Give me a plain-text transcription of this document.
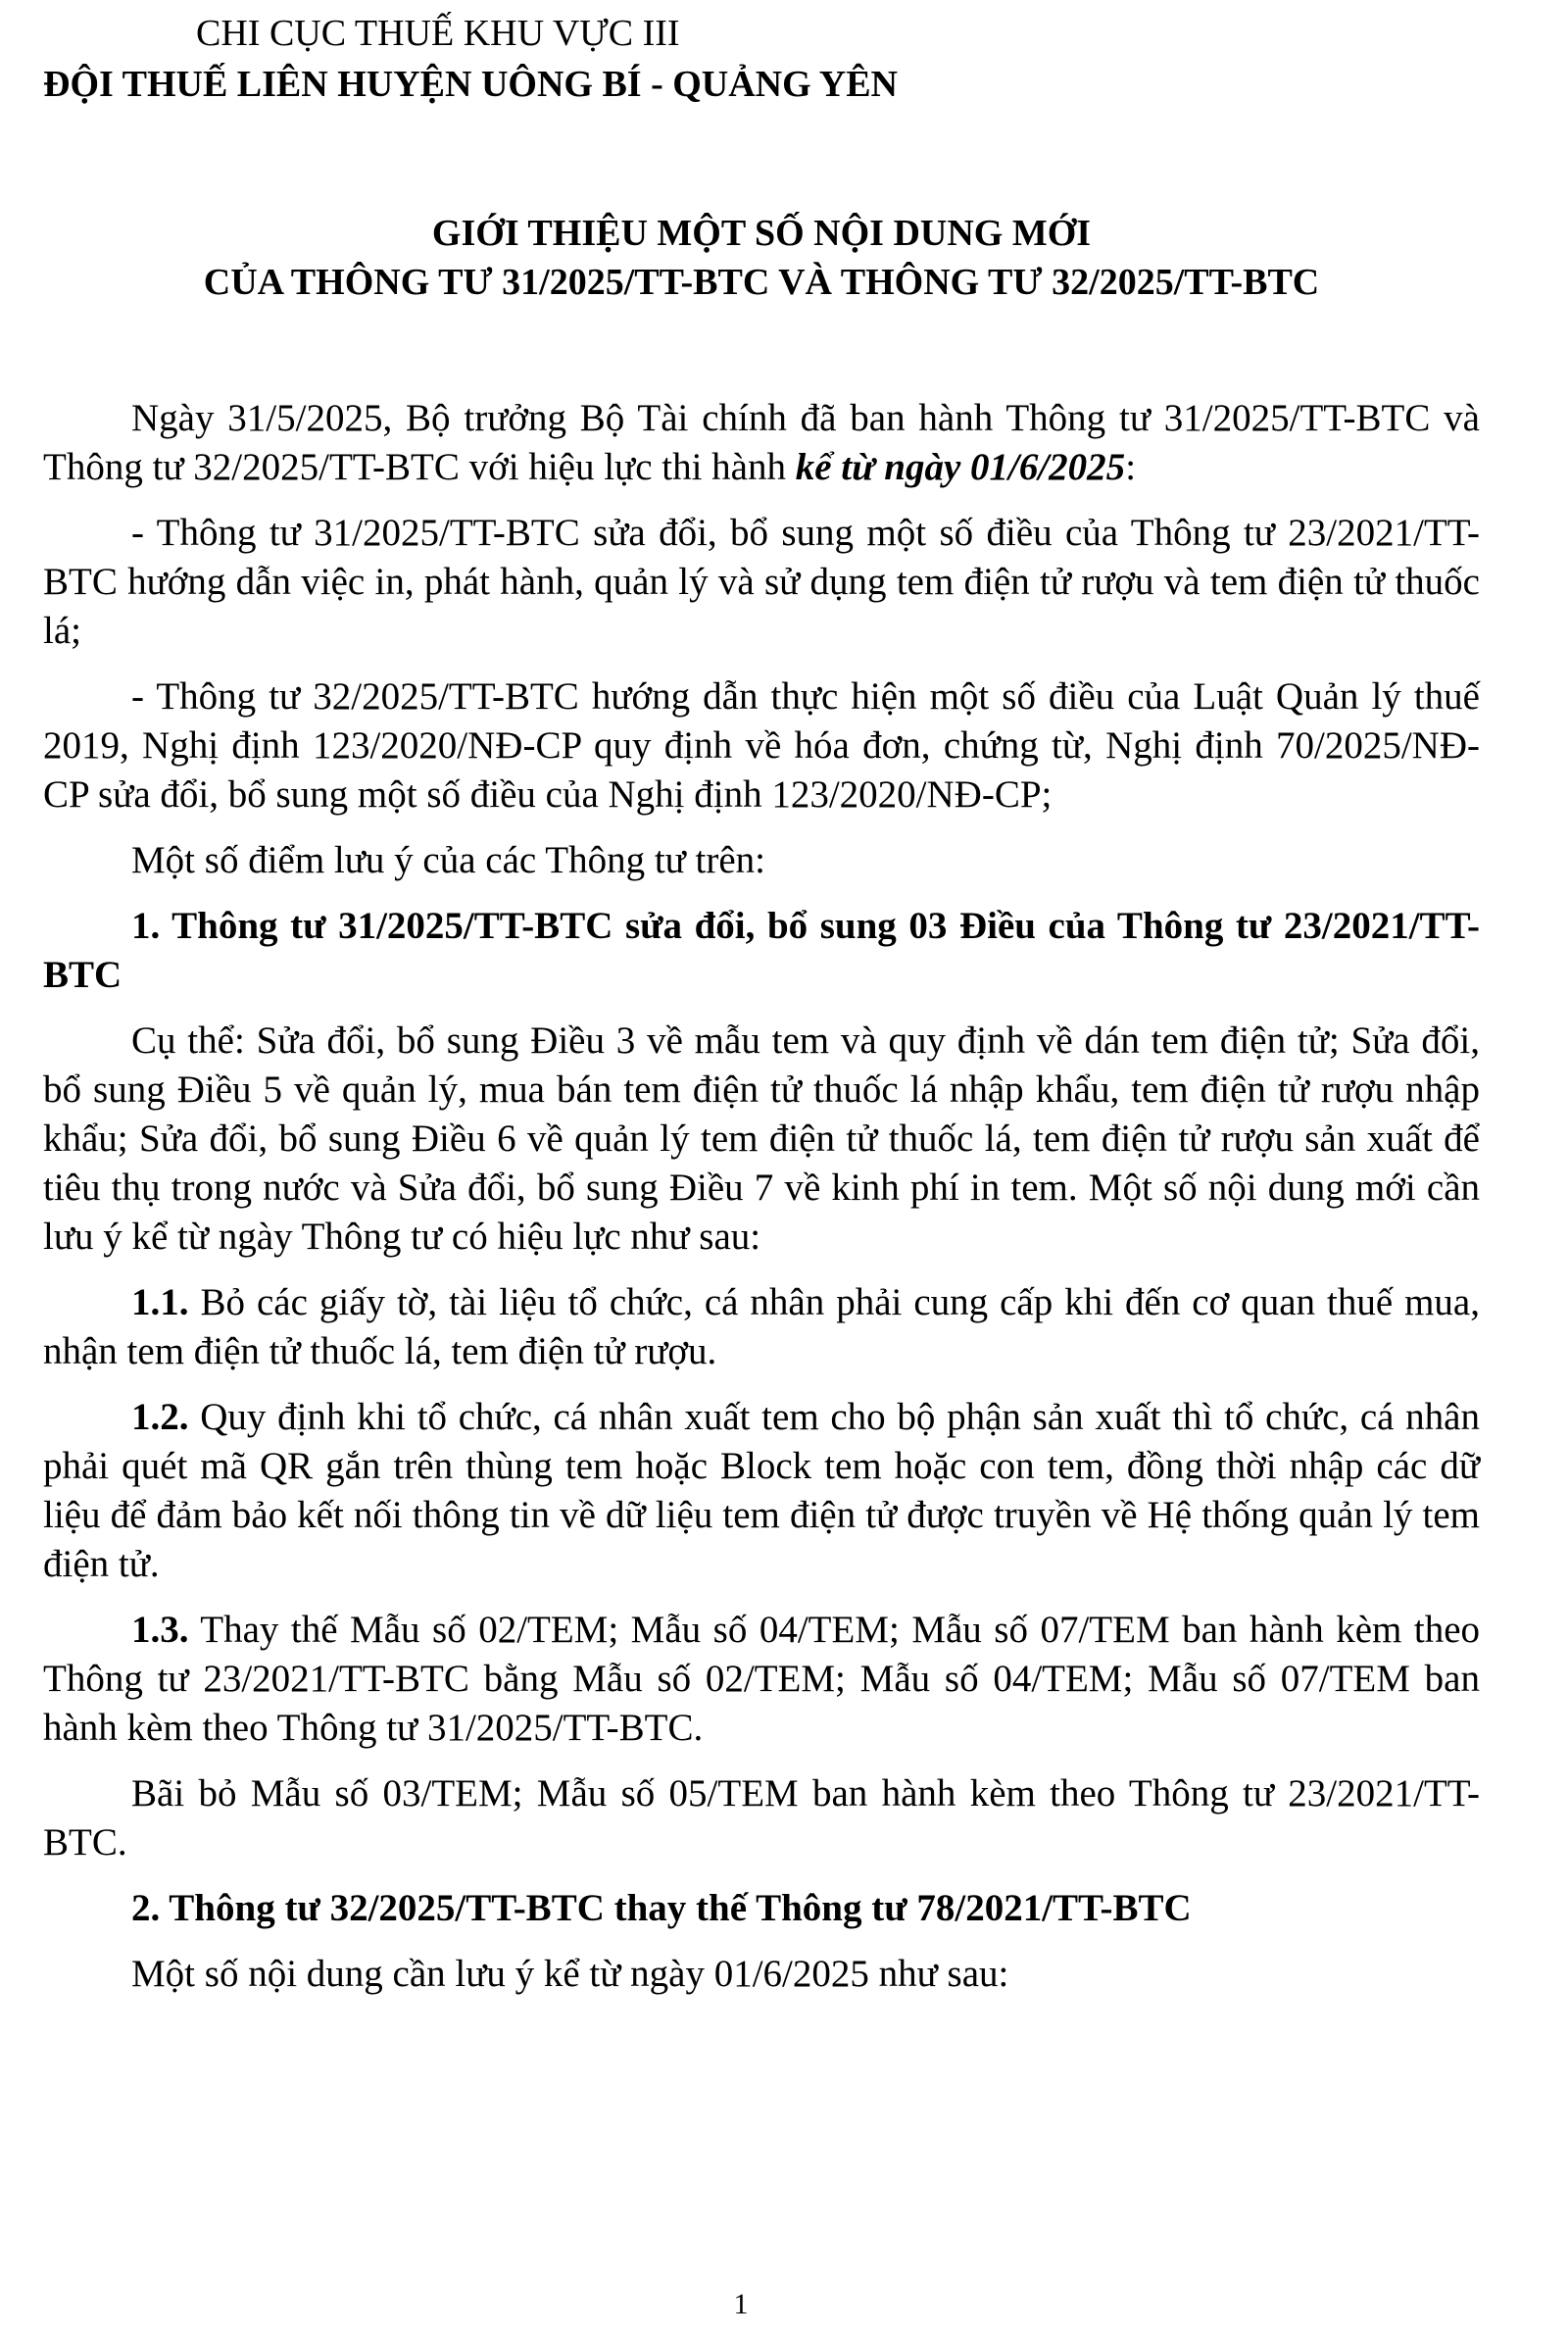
CHI CỤC THUẾ KHU VỰC III
ĐỘI THUẾ LIÊN HUYỆN UÔNG BÍ - QUẢNG YÊN
GIỚI THIỆU MỘT SỐ NỘI DUNG MỚI
CỦA THÔNG TƯ 31/2025/TT-BTC VÀ THÔNG TƯ 32/2025/TT-BTC

Ngày 31/5/2025, Bộ trưởng Bộ Tài chính đã ban hành Thông tư 31/2025/TT-BTC và Thông tư 32/2025/TT-BTC với hiệu lực thi hành kể từ ngày 01/6/2025:

- Thông tư 31/2025/TT-BTC sửa đổi, bổ sung một số điều của Thông tư 23/2021/TT-BTC hướng dẫn việc in, phát hành, quản lý và sử dụng tem điện tử rượu và tem điện tử thuốc lá;

- Thông tư 32/2025/TT-BTC hướng dẫn thực hiện một số điều của Luật Quản lý thuế 2019, Nghị định 123/2020/NĐ-CP quy định về hóa đơn, chứng từ, Nghị định 70/2025/NĐ-CP sửa đổi, bổ sung một số điều của Nghị định 123/2020/NĐ-CP;

Một số điểm lưu ý của các Thông tư trên:

1. Thông tư 31/2025/TT-BTC sửa đổi, bổ sung 03 Điều của Thông tư 23/2021/TT-BTC

Cụ thể: Sửa đổi, bổ sung Điều 3 về mẫu tem và quy định về dán tem điện tử; Sửa đổi, bổ sung Điều 5 về quản lý, mua bán tem điện tử thuốc lá nhập khẩu, tem điện tử rượu nhập khẩu; Sửa đổi, bổ sung Điều 6 về quản lý tem điện tử thuốc lá, tem điện tử rượu sản xuất để tiêu thụ trong nước và Sửa đổi, bổ sung Điều 7 về kinh phí in tem. Một số nội dung mới cần lưu ý kể từ ngày Thông tư có hiệu lực như sau:

1.1. Bỏ các giấy tờ, tài liệu tổ chức, cá nhân phải cung cấp khi đến cơ quan thuế mua, nhận tem điện tử thuốc lá, tem điện tử rượu.

1.2. Quy định khi tổ chức, cá nhân xuất tem cho bộ phận sản xuất thì tổ chức, cá nhân phải quét mã QR gắn trên thùng tem hoặc Block tem hoặc con tem, đồng thời nhập các dữ liệu để đảm bảo kết nối thông tin về dữ liệu tem điện tử được truyền về Hệ thống quản lý tem điện tử.

1.3. Thay thế Mẫu số 02/TEM; Mẫu số 04/TEM; Mẫu số 07/TEM ban hành kèm theo Thông tư 23/2021/TT-BTC bằng Mẫu số 02/TEM; Mẫu số 04/TEM; Mẫu số 07/TEM ban hành kèm theo Thông tư 31/2025/TT-BTC.

Bãi bỏ Mẫu số 03/TEM; Mẫu số 05/TEM ban hành kèm theo Thông tư 23/2021/TT-BTC.

2. Thông tư 32/2025/TT-BTC thay thế Thông tư 78/2021/TT-BTC

Một số nội dung cần lưu ý kể từ ngày 01/6/2025 như sau:

1
